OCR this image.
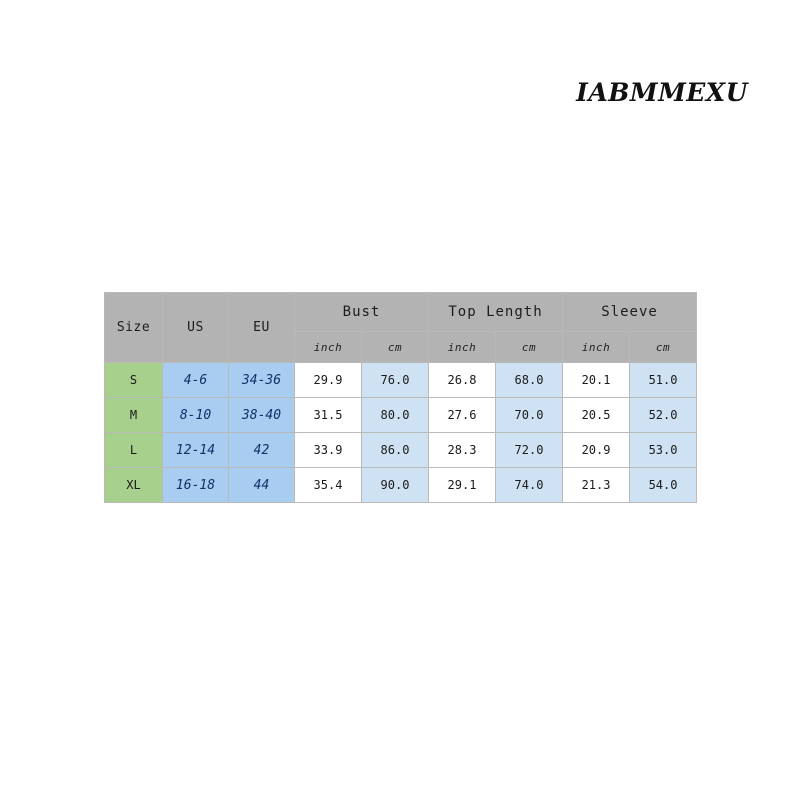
IABMMEXU
Size	US	EU	Bust		Top Length		Sleeve	
			inch	cm	inch	cm	inch	cm
S	4-6	34-36	29.9	76.0	26.8	68.0	20.1	51.0
M	8-10	38-40	31.5	80.0	27.6	70.0	20.5	52.0
L	12-14	42	33.9	86.0	28.3	72.0	20.9	53.0
XL	16-18	44	35.4	90.0	29.1	74.0	21.3	54.0
